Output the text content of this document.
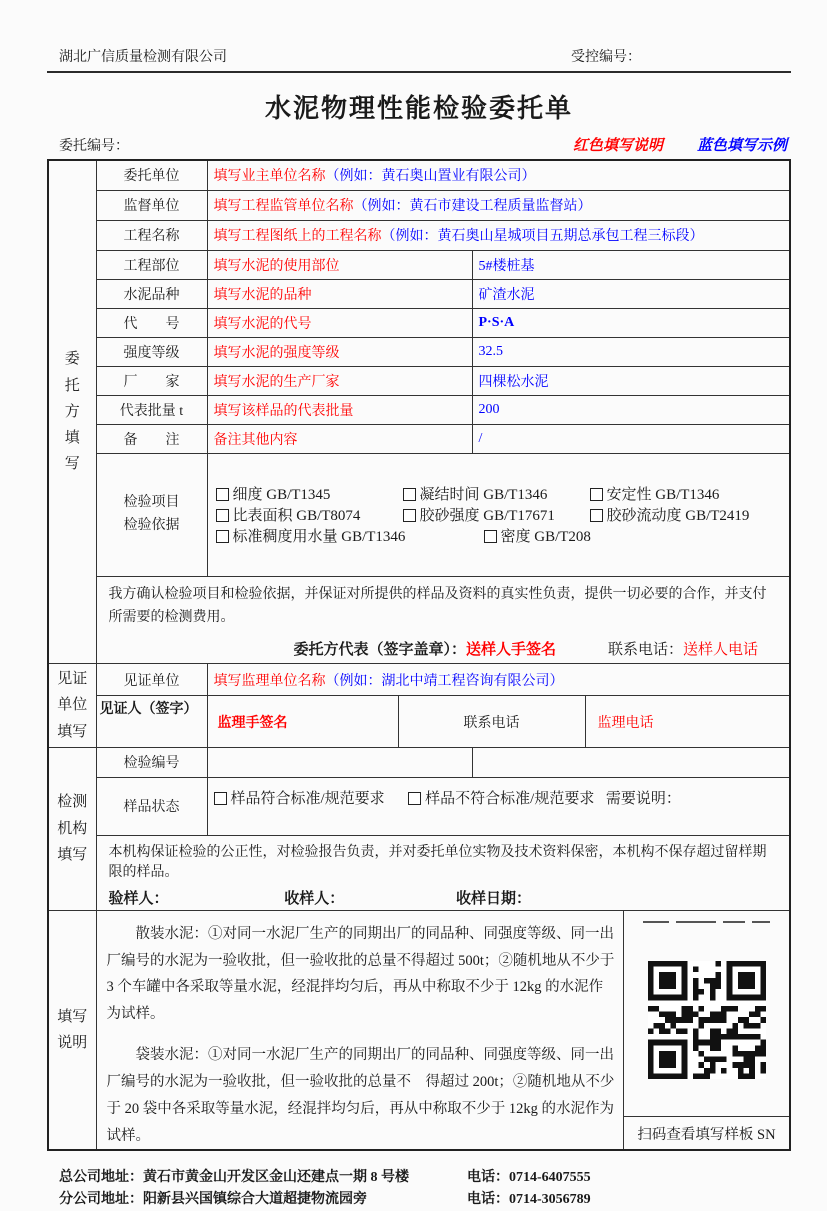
湖北广信质量检测有限公司	受控编号：
水泥物理性能检验委托单
委托编号：	红色填写说明 蓝色填写示例
委托方填写	委托单位	填写业主单位名称（例如：黄石奥山置业有限公司）			
	监督单位	填写工程监管单位名称（例如：黄石市建设工程质量监督站）			
	工程名称	填写工程图纸上的工程名称（例如：黄石奥山星城项目五期总承包工程三标段）			
	工程部位	填写水泥的使用部位		5#楼桩基	
	水泥品种	填写水泥的品种		矿渣水泥	
	代　　号	填写水泥的代号		P·S·A	
	强度等级	填写水泥的强度等级		32.5	
	厂　　家	填写水泥的生产厂家		四棵松水泥	
	代表批量 t	填写该样品的代表批量		200	
	备　　注	备注其他内容		/	

检验项目
检验依据

细度 GB/T1345	凝结时间 GB/T1346	安定性 GB/T1346
比表面积 GB/T8074	胶砂强度 GB/T17671	胶砂流动度 GB/T2419
标准稠度用水量 GB/T1346	密度 GB/T208

	我方确认检验项目和检验依据，并保证对所提供的样品及资料的真实性负责，提供一切必要的合作，并支付所需要的检测费用。
委托方代表（签字盖章）：送样人手签名 联系电话：送样人电话				

见证单位填写	见证单位	填写监理单位名称（例如：湖北中靖工程咨询有限公司）			
	见证人（签字）	监理手签名	联系电话		监理电话

检测机构填写	检验编号				
	样品状态	样品符合标准/规范要求 样品不符合标准/规范要求 需要说明：			

	本机构保证检验的公正性，对检验报告负责，并对委托单位实物及技术资料保密，本机构不保存超过留样期限的样品。
验样人： 收样人： 收样日期：				

填写说明	散装水泥：①对同一水泥厂生产的同期出厂的同品种、同强度等级、同一出厂编号的水泥为一验收批，但一验收批的总量不得超过 500t；②随机地从不少于 3 个车罐中各采取等量水泥，经混拌均匀后，再从中称取不少于 12kg 的水泥作为试样。

袋装水泥：①对同一水泥厂生产的同期出厂的同品种、同强度等级、同一出厂编号的水泥为一验收批，但一验收批的总量不　得超过 200t；②随机地从不少于 20 袋中各采取等量水泥，经混拌均匀后，再从中称取不少于 12kg 的水泥作为试样。 扫码查看填写样板 SN				
总公司地址：黄石市黄金山开发区金山还建点一期 8 号楼	电话：0714-6407555
分公司地址：阳新县兴国镇综合大道超捷物流园旁	电话：0714-3056789
